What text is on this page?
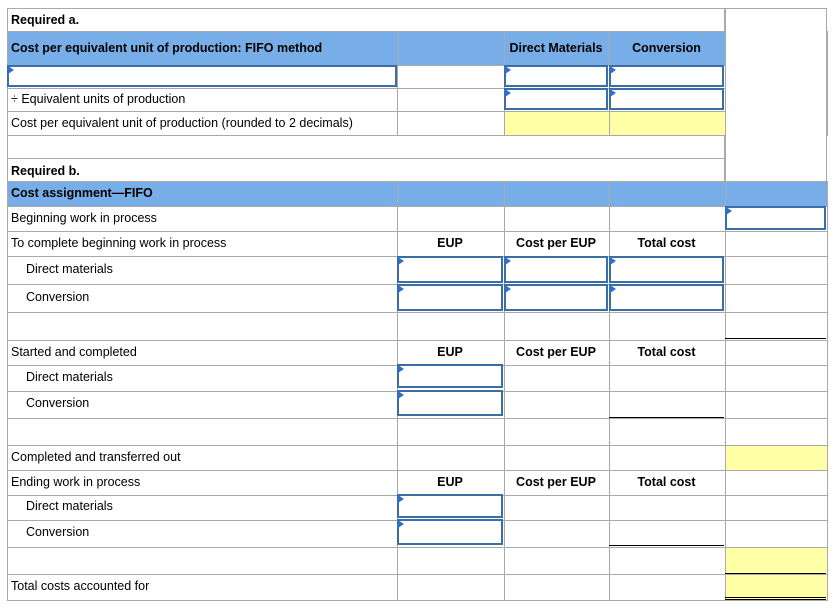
Required a.
Cost per equivalent unit of production: FIFO method	Direct Materials	Conversion
÷ Equivalent units of production
Cost per equivalent unit of production (rounded to 2 decimals)
Required b.
Cost assignment—FIFO
Beginning work in process
To complete beginning work in process	EUP	Cost per EUP	Total cost
Direct materials
Conversion
Started and completed	EUP	Cost per EUP	Total cost
Direct materials
Conversion
Completed and transferred out
Ending work in process	EUP	Cost per EUP	Total cost
Direct materials
Conversion
Total costs accounted for
